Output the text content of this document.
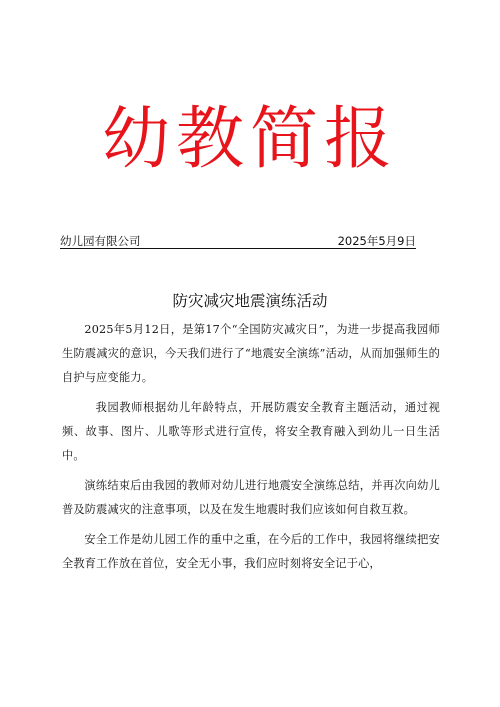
幼教简报
幼儿园有限公司	2025年5月9日
防灾减灾地震演练活动

2025年5月12日，是第17个“全国防灾减灾日”，为进一步提高我园师生防震减灾的意识，今天我们进行了“地震安全演练”活动，从而加强师生的自护与应变能力。

我园教师根据幼儿年龄特点，开展防震安全教育主题活动，通过视频、故事、图片、儿歌等形式进行宣传，将安全教育融入到幼儿一日生活中。

演练结束后由我园的教师对幼儿进行地震安全演练总结，并再次向幼儿普及防震减灾的注意事项，以及在发生地震时我们应该如何自救互救。

安全工作是幼儿园工作的重中之重，在今后的工作中，我园将继续把安全教育工作放在首位，安全无小事，我们应时刻将安全记于心，
